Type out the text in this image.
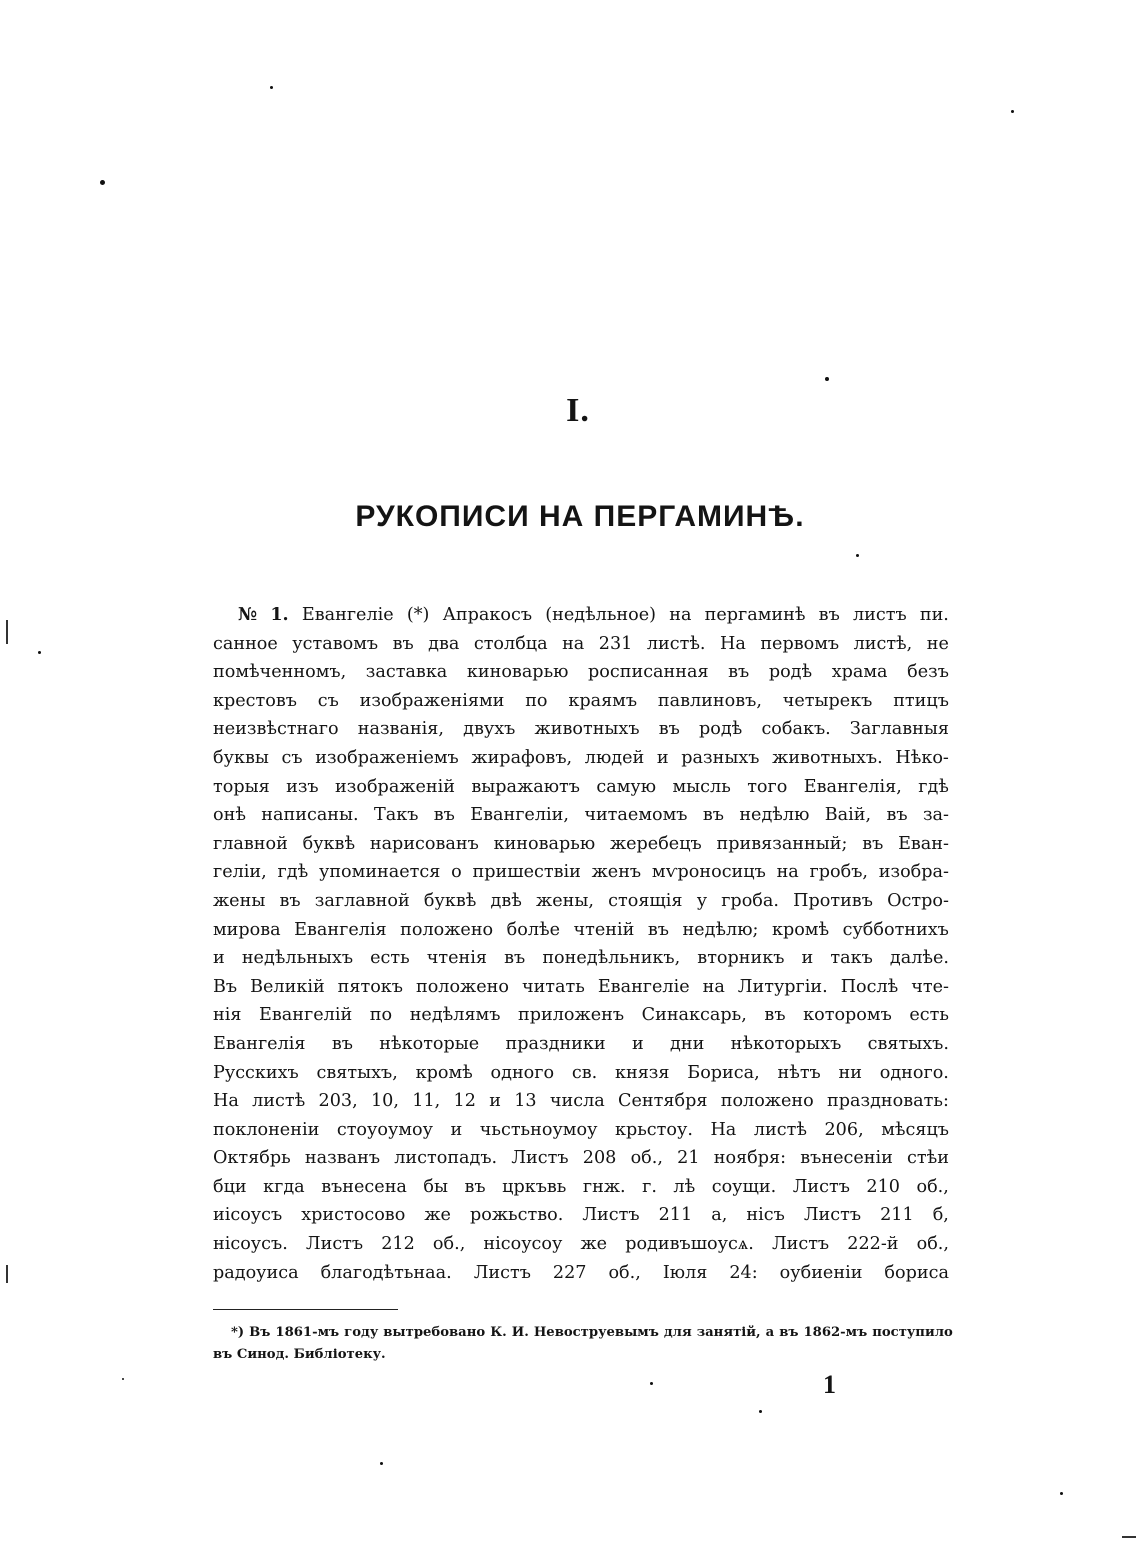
I.
РУКОПИСИ НА ПЕРГАМИНѢ.
№ 1. Евангеліе (*) Апракосъ (недѣльное) на пергаминѣ въ листъ пи.
санное уставомъ въ два столбца на 231 листѣ. На первомъ листѣ, не
помѣченномъ, заставка киноварью росписанная въ родѣ храма безъ
крестовъ съ изображеніями по краямъ павлиновъ, четырекъ птицъ
неизвѣстнаго названія, двухъ животныхъ въ родѣ собакъ. Заглавныя
буквы съ изображеніемъ жирафовъ, людей и разныхъ животныхъ. Нѣко-
торыя изъ изображеній выражаютъ самую мысль того Евангелія, гдѣ
онѣ написаны. Такъ въ Евангеліи, читаемомъ въ недѣлю Ваій, въ за-
главной буквѣ нарисованъ киноварью жеребецъ привязанный; въ Еван-
геліи, гдѣ упоминается о пришествіи женъ мѵроносицъ на гробъ, изобра-
жены въ заглавной буквѣ двѣ жены, стоящія у гроба. Противъ Остро-
мирова Евангелія положено болѣе чтеній въ недѣлю; кромѣ субботнихъ
и недѣльныхъ есть чтенія въ понедѣльникъ, вторникъ и такъ далѣе.
Въ Великій пятокъ положено читать Евангеліе на Литургіи. Послѣ чте-
нія Евангелій по недѣлямъ приложенъ Синаксарь, въ которомъ есть
Евангелія въ нѣкоторые праздники и дни нѣкоторыхъ святыхъ.
Русскихъ святыхъ, кромѣ одного св. князя Бориса, нѣтъ ни одного.
На листѣ 203, 10, 11, 12 и 13 числа Сентября положено праздновать:
поклоненіи стоуоумоу и чьстьноумоу крьстоу. На листѣ 206, мѣсяцъ
Октябрь названъ листопадъ. Листъ 208 об., 21 ноября: вънесеніи стѣи
бци кгда вънесена бы въ цркъвь гнж. г. лѣ соущи. Листъ 210 об.,
иісоусъ христосово же рожьство. Листъ 211 а, нісъ Листъ 211 б,
нісоусъ. Листъ 212 об., нісоусоу же родивъшоусѧ. Листъ 222-й об.,
радоуиса благодѣтьнаа. Листъ 227 об., Іюля 24: оубиеніи бориса
*) Въ 1861-мъ году вытребовано К. И. Невоструевымъ для занятій, а въ 1862-мъ поступило
въ Синод. Библіотеку.
1
